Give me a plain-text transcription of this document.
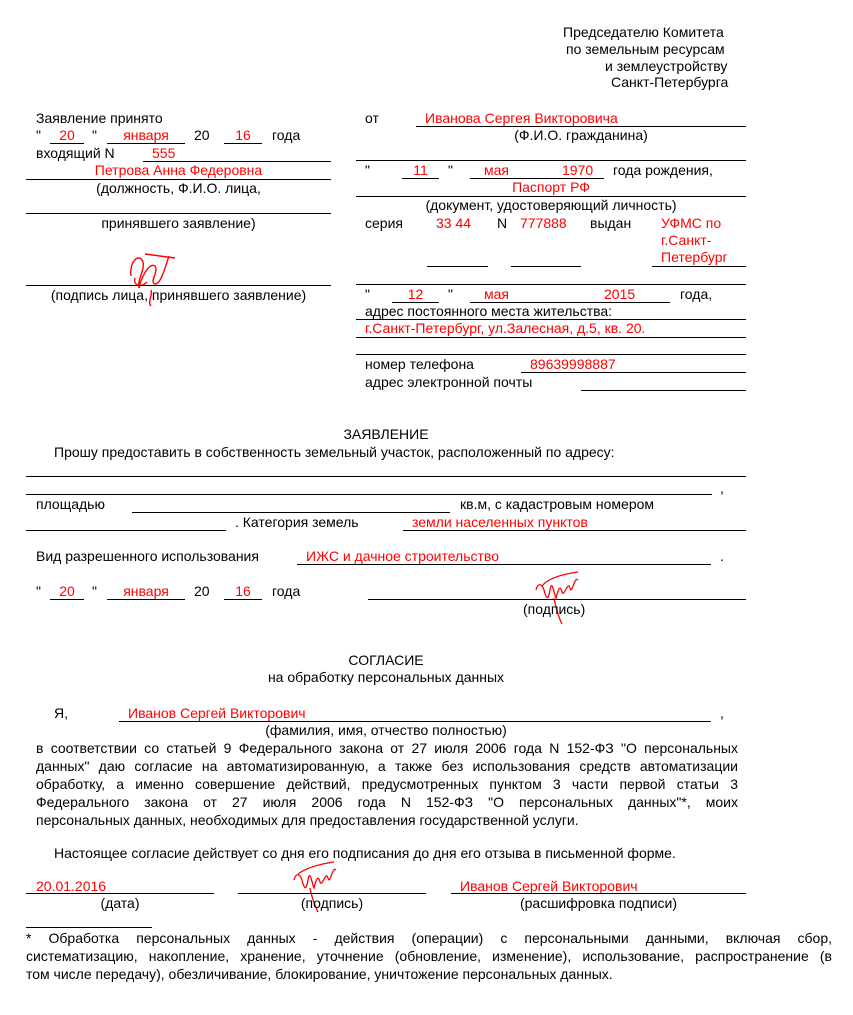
Председателю Комитета
по земельным ресурсам
и землеустройству
Санкт-Петербурга
Заявление принято
"	20	"	января	20	16	года
входящий N	555
Петрова Анна Федеровна
(должность, Ф.И.О. лица,
принявшего заявление)
(подпись лица, принявшего заявление)
от	Иванова Сергея Викторовича
(Ф.И.О. гражданина)
"	11	" мая	1970 года рождения,
Паспорт РФ
(документ, удостоверяющий личность)
серия 33 44 N 777888 выдан УФМС по
г.Санкт-
Петербург
"	12	" мая	2015	года,
адрес постоянного места жительства:
г.Санкт-Петербург, ул.Залесная, д.5, кв. 20.
номер телефона	89639998887
адрес электронной почты
ЗАЯВЛЕНИЕ
Прошу предоставить в собственность земельный участок, расположенный по адресу:
,
площадью	кв.м, с кадастровым номером
. Категория земель	земли населенных пунктов
Вид разрешенного использования	ИЖС и дачное строительство	.
"	20	"	января	20	16	года
(подпись)
СОГЛАСИЕ
на обработку персональных данных
Я,	Иванов Сергей Викторович	,
(фамилия, имя, отчество полностью)
в соответствии со статьей 9 Федерального закона от 27 июля 2006 года N 152-ФЗ "О персональных
данных" даю согласие на автоматизированную, а также без использования средств автоматизации
обработку, а именно совершение действий, предусмотренных пунктом 3 части первой статьи 3
Федерального закона от 27 июля 2006 года N 152-ФЗ "О персональных данных"*, моих
персональных данных, необходимых для предоставления государственной услуги.
Настоящее согласие действует со дня его подписания до дня его отзыва в письменной форме.
20.01.2016
(дата)	(подпись)
Иванов Сергей Викторович
(расшифровка подписи)
*  Обработка  персональных  данных  -  действия  (операции)  с  персональными  данными,  включая  сбор,
систематизацию, накопление, хранение, уточнение (обновление, изменение), использование, распространение (в
том числе передачу), обезличивание, блокирование, уничтожение персональных данных.
